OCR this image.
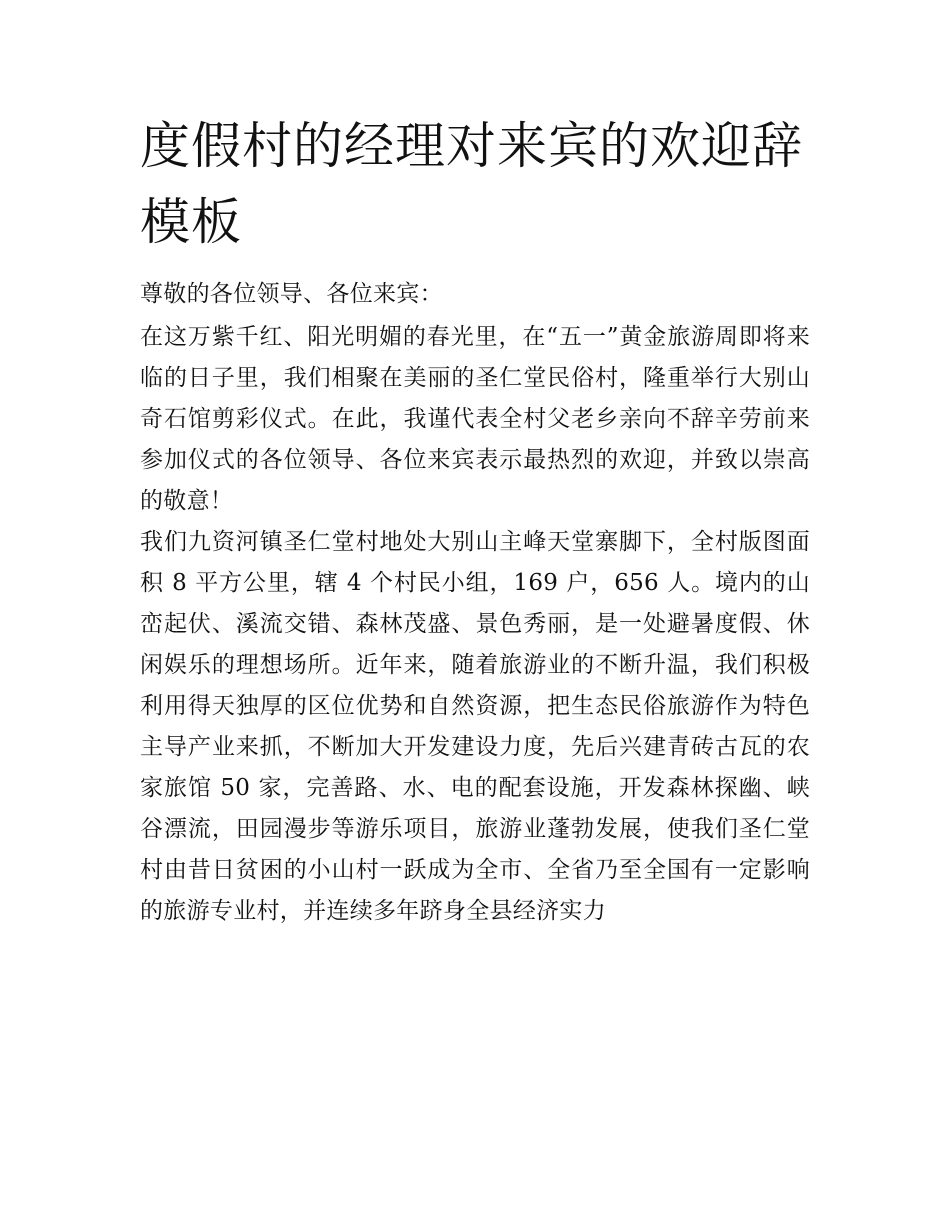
度假村的经理对来宾的欢迎辞模板

尊敬的各位领导、各位来宾：

在这万紫千红、阳光明媚的春光里，在“五一”黄金旅游周即将来临的日子里，我们相聚在美丽的圣仁堂民俗村，隆重举行大别山奇石馆剪彩仪式。在此，我谨代表全村父老乡亲向不辞辛劳前来参加仪式的各位领导、各位来宾表示最热烈的欢迎，并致以崇高的敬意！

我们九资河镇圣仁堂村地处大别山主峰天堂寨脚下，全村版图面积 8 平方公里，辖 4 个村民小组，169 户，656 人。境内的山峦起伏、溪流交错、森林茂盛、景色秀丽，是一处避暑度假、休闲娱乐的理想场所。近年来，随着旅游业的不断升温，我们积极利用得天独厚的区位优势和自然资源，把生态民俗旅游作为特色主导产业来抓，不断加大开发建设力度，先后兴建青砖古瓦的农家旅馆 50 家，完善路、水、电的配套设施，开发森林探幽、峡谷漂流，田园漫步等游乐项目，旅游业蓬勃发展，使我们圣仁堂村由昔日贫困的小山村一跃成为全市、全省乃至全国有一定影响的旅游专业村，并连续多年跻身全县经济实力
